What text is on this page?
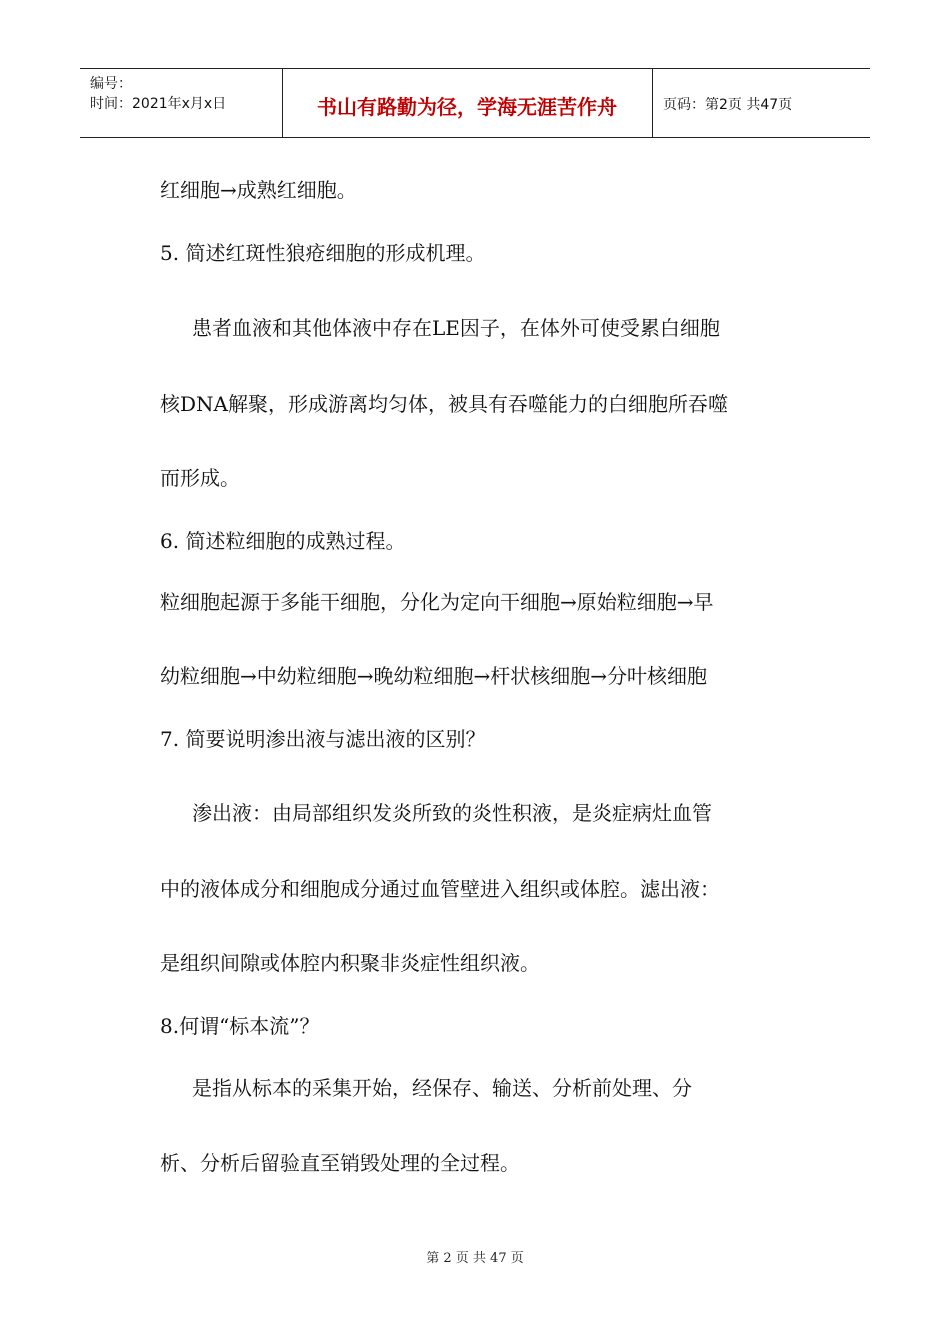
编号：
时间：2021年x月x日	书山有路勤为径，学海无涯苦作舟	页码：第2页 共47页
红细胞→成熟红细胞。
5. 简述红斑性狼疮细胞的形成机理。
患者血液和其他体液中存在LE因子，在体外可使受累白细胞
核DNA解聚，形成游离均匀体，被具有吞噬能力的白细胞所吞噬
而形成。
6. 简述粒细胞的成熟过程。
粒细胞起源于多能干细胞，分化为定向干细胞→原始粒细胞→早
幼粒细胞→中幼粒细胞→晚幼粒细胞→杆状核细胞→分叶核细胞
7. 简要说明渗出液与滤出液的区别？
渗出液：由局部组织发炎所致的炎性积液，是炎症病灶血管
中的液体成分和细胞成分通过血管壁进入组织或体腔。滤出液：
是组织间隙或体腔内积聚非炎症性组织液。
8.何谓“标本流”？
是指从标本的采集开始，经保存、输送、分析前处理、分
析、分析后留验直至销毁处理的全过程。
第 2 页 共 47 页
